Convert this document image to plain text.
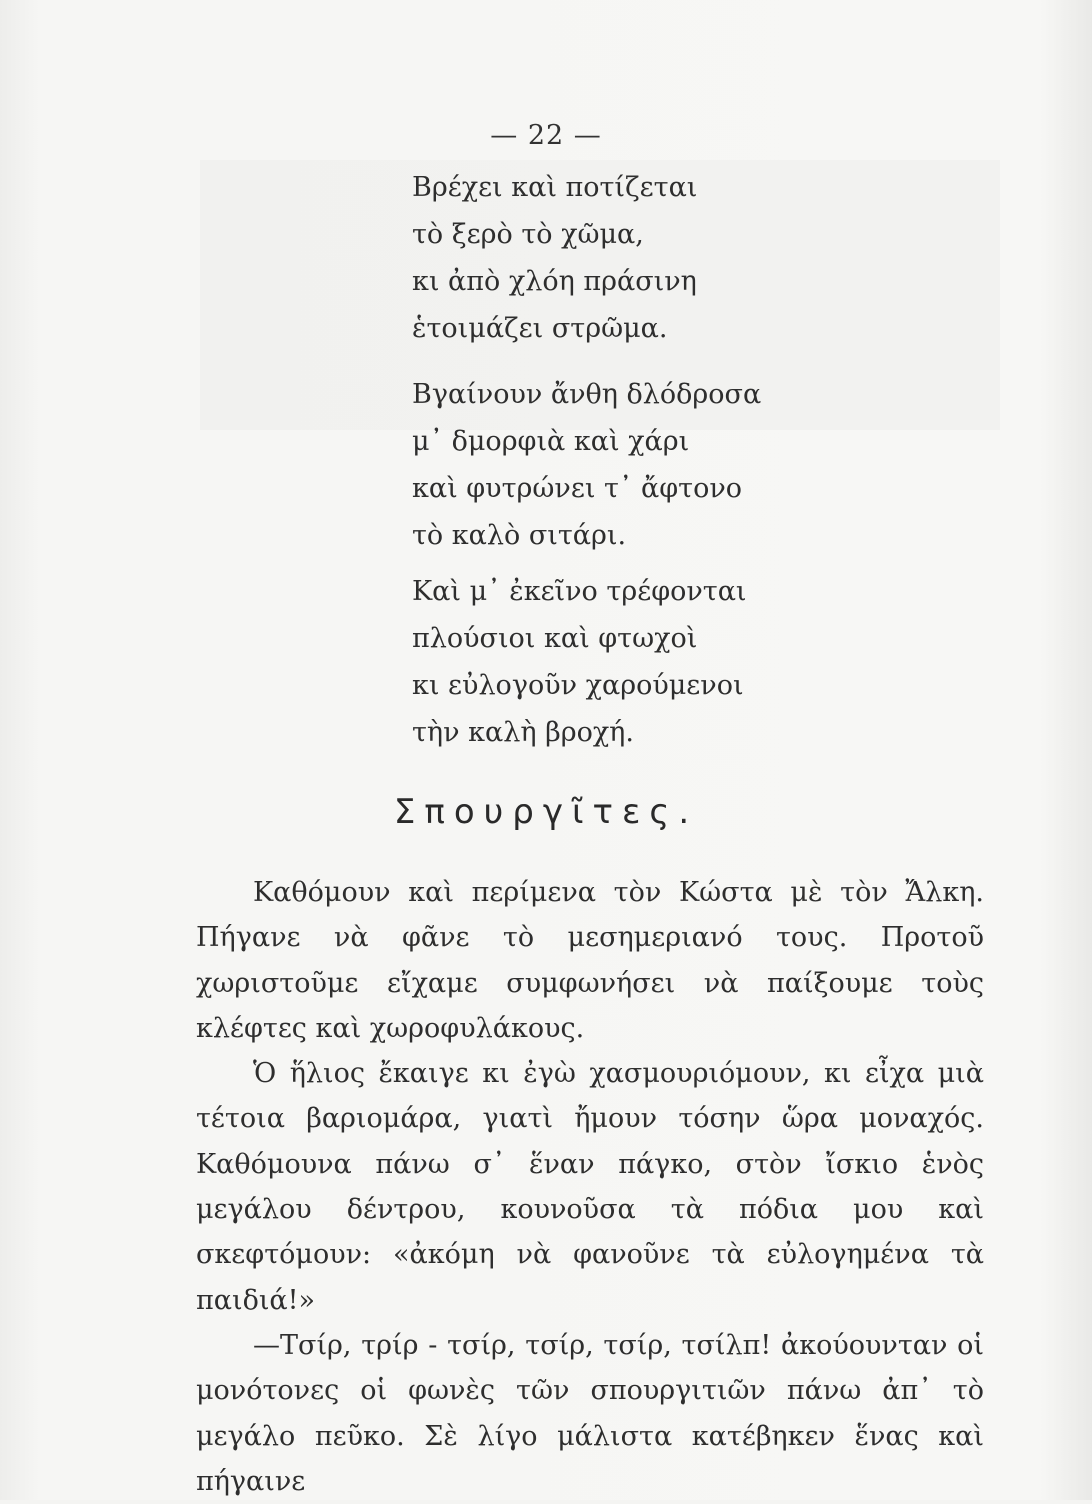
— 22 —
Βρέχει καὶ ποτίζεται
τὸ ξερὸ τὸ χῶμα,
κι ἀπὸ χλόη πράσινη
ἑτοιμάζει στρῶμα.
Βγαίνουν ἄνθη δλόδροσα
μ᾽ δμορφιὰ καὶ χάρι
καὶ φυτρώνει τ᾽ ἄφτονο
τὸ καλὸ σιτάρι.
Καὶ μ᾽ ἐκεῖνο τρέφονται
πλούσιοι καὶ φτωχοὶ
κι εὐλογοῦν χαρούμενοι
τὴν καλὴ βροχή.
Σπουργῖτες.

Καθόμουν καὶ περίμενα τὸν Κώστα μὲ τὸν Ἄλκη. Πήγανε νὰ φᾶνε τὸ μεσημεριανό τους. Προτοῦ χωριστοῦμε εἴχαμε συμφωνήσει νὰ παίξουμε τοὺς κλέφτες καὶ χωροφυλάκους.

Ὁ ἥλιος ἔκαιγε κι ἐγὼ χασμουριόμουν, κι εἶχα μιὰ τέτοια βαριομάρα, γιατὶ ἤμουν τόσην ὥρα μοναχός. Καθόμουνα πάνω σ᾽ ἕναν πάγκο, στὸν ἴσκιο ἑνὸς μεγάλου δέντρου, κουνοῦσα τὰ πόδια μου καὶ σκεφτόμουν: «ἀκόμη νὰ φανοῦνε τὰ εὐλογημένα τὰ παιδιά!»

—Τσίρ, τρίρ - τσίρ, τσίρ, τσίρ, τσίλπ! ἀκούουνταν οἱ μονότονες οἱ φωνὲς τῶν σπουργιτιῶν πάνω ἀπ᾽ τὸ μεγάλο πεῦκο. Σὲ λίγο μάλιστα κατέβηκεν ἕνας καὶ πήγαινε
